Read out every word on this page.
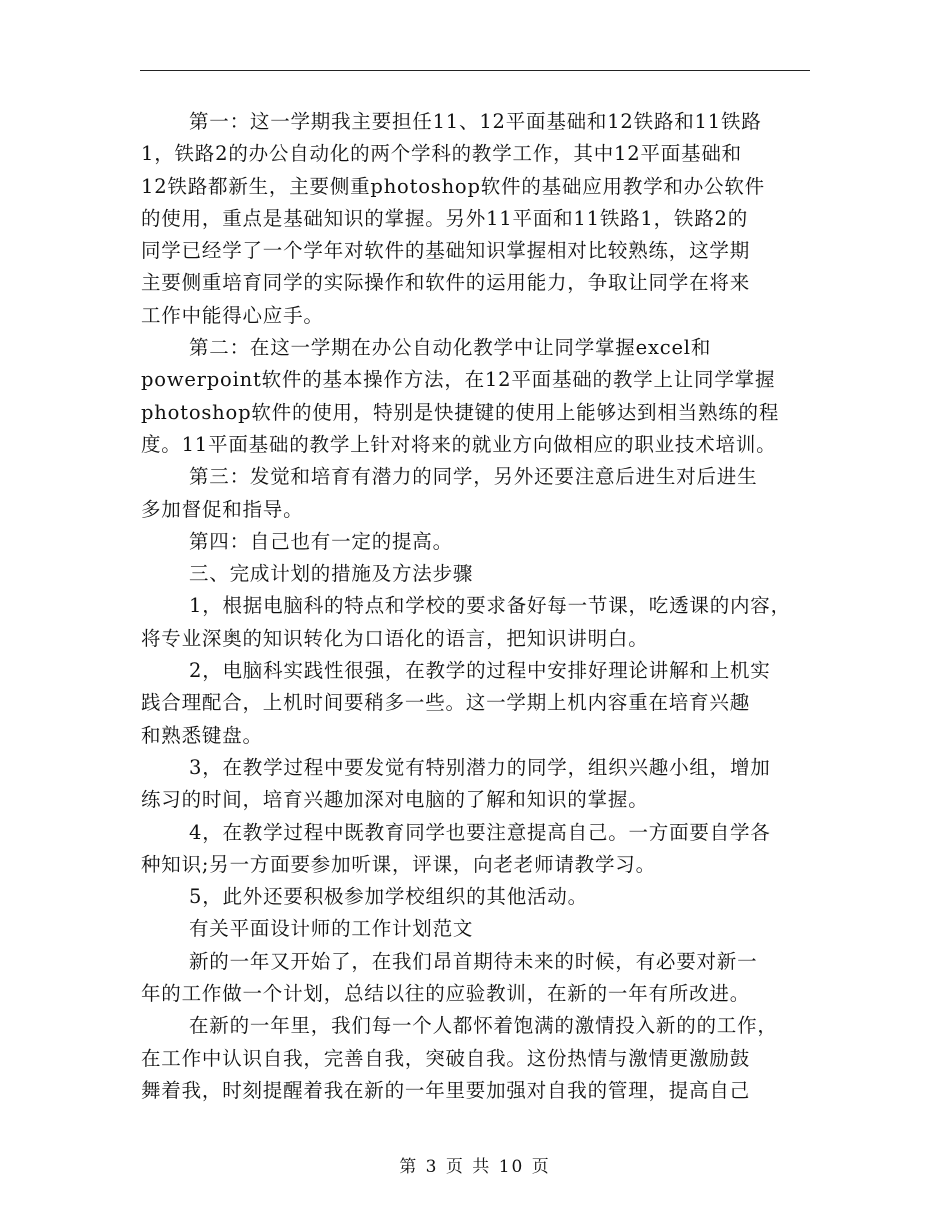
第一：这一学期我主要担任11、12平面基础和12铁路和11铁路
1，铁路2的办公自动化的两个学科的教学工作，其中12平面基础和
12铁路都新生，主要侧重photoshop软件的基础应用教学和办公软件
的使用，重点是基础知识的掌握。另外11平面和11铁路1，铁路2的
同学已经学了一个学年对软件的基础知识掌握相对比较熟练，这学期
主要侧重培育同学的实际操作和软件的运用能力，争取让同学在将来
工作中能得心应手。
第二：在这一学期在办公自动化教学中让同学掌握excel和
powerpoint软件的基本操作方法，在12平面基础的教学上让同学掌握
photoshop软件的使用，特别是快捷键的使用上能够达到相当熟练的程
度。11平面基础的教学上针对将来的就业方向做相应的职业技术培训。
第三：发觉和培育有潜力的同学，另外还要注意后进生对后进生
多加督促和指导。
第四：自己也有一定的提高。
三、完成计划的措施及方法步骤
1，根据电脑科的特点和学校的要求备好每一节课，吃透课的内容，
将专业深奥的知识转化为口语化的语言，把知识讲明白。
2，电脑科实践性很强，在教学的过程中安排好理论讲解和上机实
践合理配合，上机时间要稍多一些。这一学期上机内容重在培育兴趣
和熟悉键盘。
3，在教学过程中要发觉有特别潜力的同学，组织兴趣小组，增加
练习的时间，培育兴趣加深对电脑的了解和知识的掌握。
4，在教学过程中既教育同学也要注意提高自己。一方面要自学各
种知识;另一方面要参加听课，评课，向老老师请教学习。
5，此外还要积极参加学校组织的其他活动。
有关平面设计师的工作计划范文
新的一年又开始了，在我们昂首期待未来的时候，有必要对新一
年的工作做一个计划，总结以往的应验教训，在新的一年有所改进。
在新的一年里，我们每一个人都怀着饱满的激情投入新的的工作，
在工作中认识自我，完善自我，突破自我。这份热情与激情更激励鼓
舞着我，时刻提醒着我在新的一年里要加强对自我的管理，提高自己
第 3 页 共 10 页
